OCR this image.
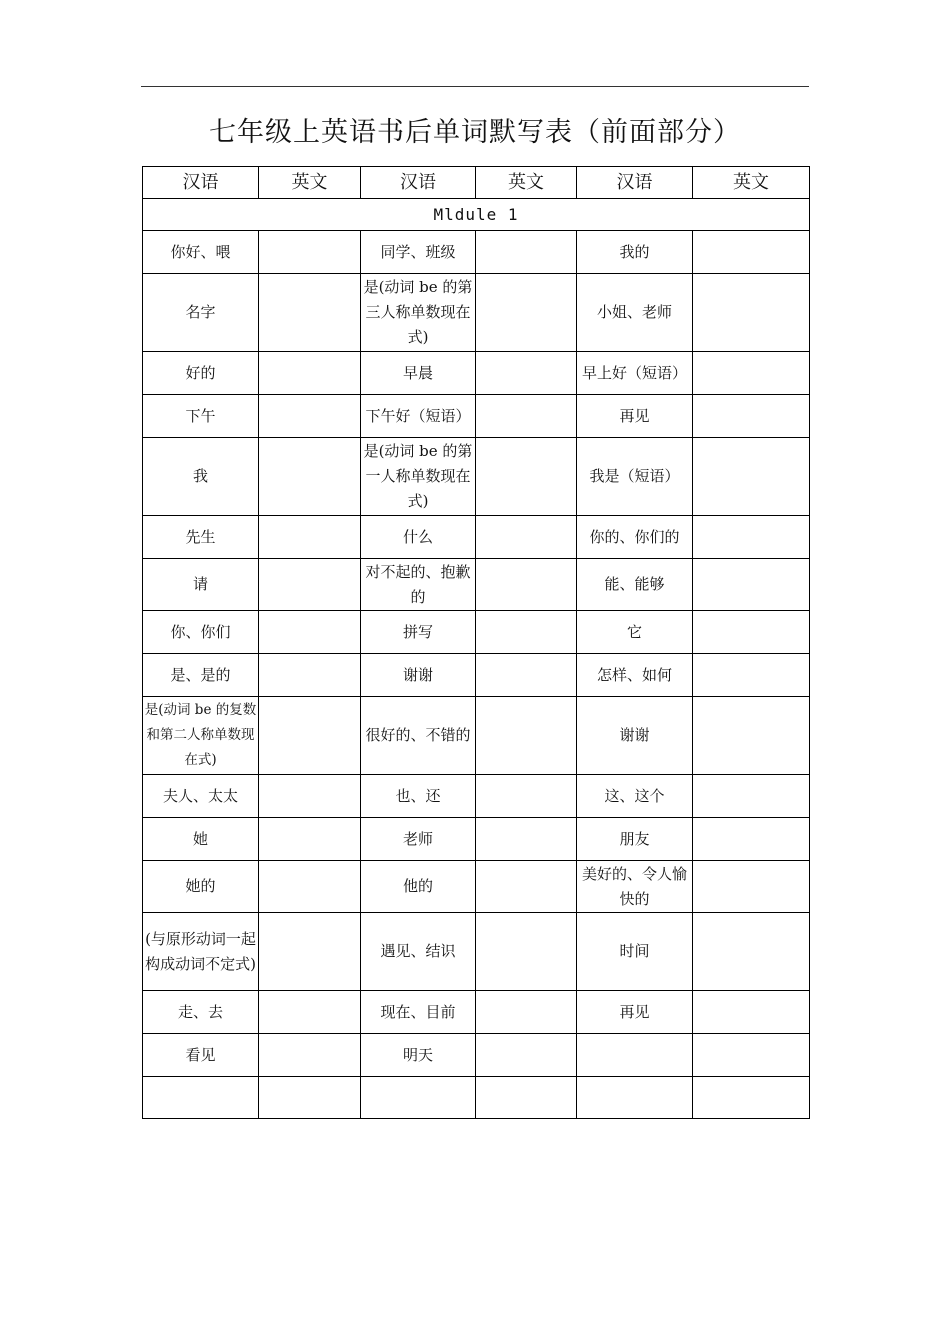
七年级上英语书后单词默写表（前面部分）
汉语	英文	汉语	英文	汉语	英文
Mldule 1					
你好、喂		同学、班级		我的	
名字		是(动词 be 的第三人称单数现在式)		小姐、老师	
好的		早晨		早上好（短语）	
下午		下午好（短语）		再见	
我		是(动词 be 的第一人称单数现在式)		我是（短语）	
先生		什么		你的、你们的	
请		对不起的、抱歉的		能、能够	
你、你们		拼写		它	
是、是的		谢谢		怎样、如何	
是(动词 be 的复数和第二人称单数现在式)		很好的、不错的		谢谢	
夫人、太太		也、还		这、这个	
她		老师		朋友	
她的		他的		美好的、令人愉快的	
(与原形动词一起构成动词不定式)		遇见、结识		时间	
走、去		现在、目前		再见	
看见		明天			
